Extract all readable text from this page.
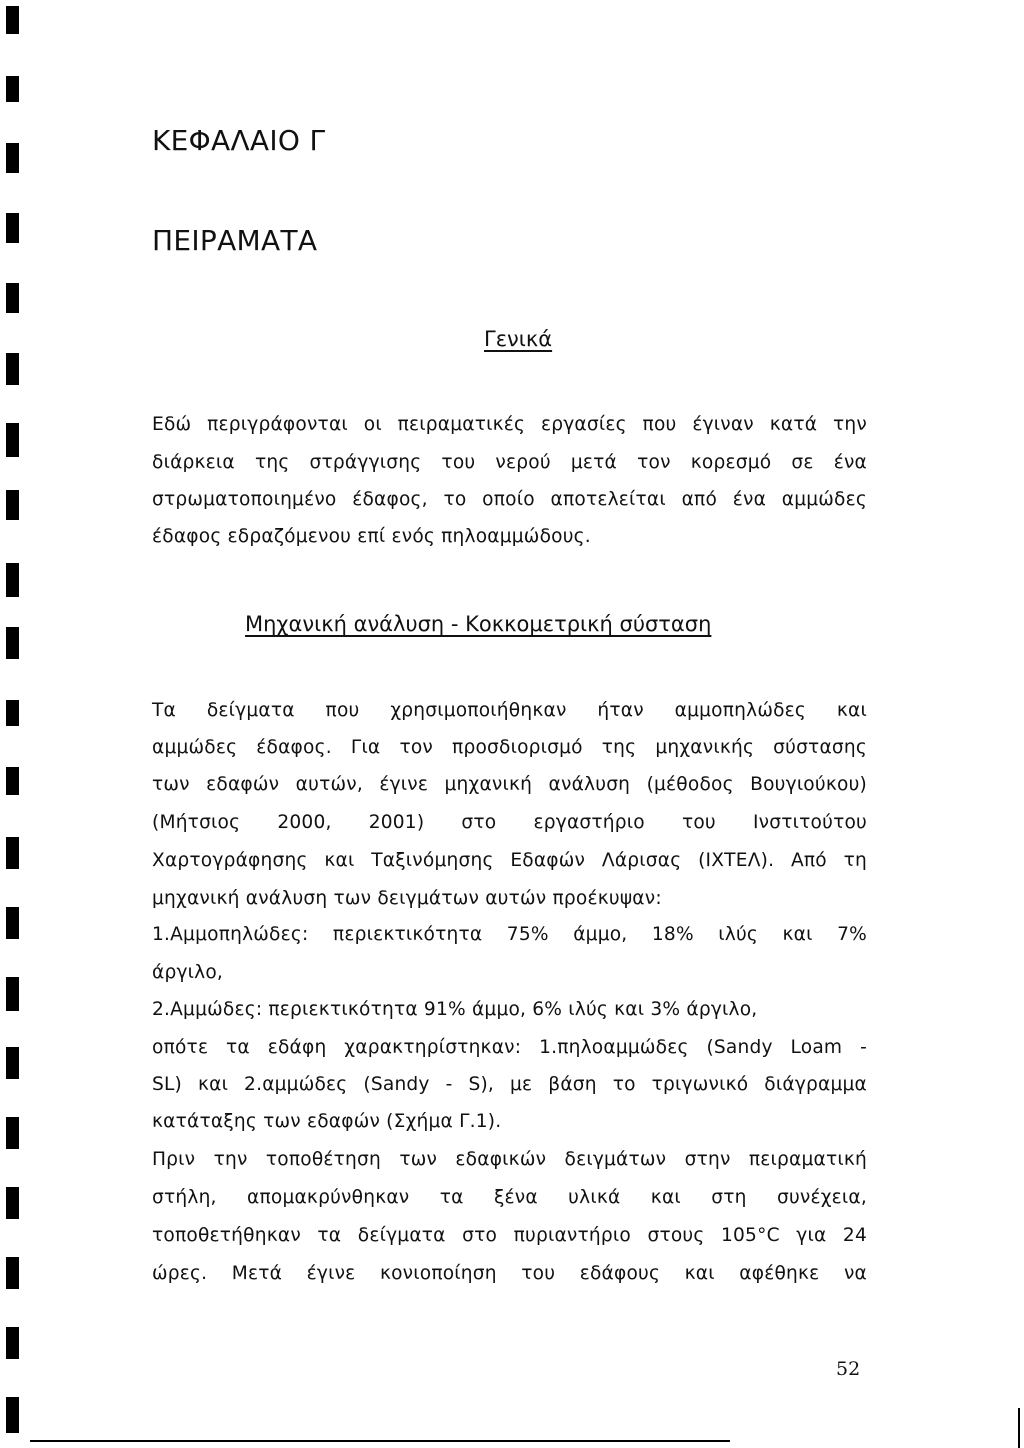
ΚΕΦΑΛΑΙΟ Γ
ΠΕΙΡΑΜΑΤΑ
Γενικά
Εδώ περιγράφονται οι πειραματικές εργασίες που έγιναν κατά την
διάρκεια της στράγγισης του νερού μετά τον κορεσμό σε ένα
στρωματοποιημένο έδαφος, το οποίο αποτελείται από ένα αμμώδες
έδαφος εδραζόμενου επί ενός πηλοαμμώδους.
Μηχανική ανάλυση - Κοκκομετρική σύσταση
Τα δείγματα που χρησιμοποιήθηκαν ήταν αμμοπηλώδες και
αμμώδες έδαφος. Για τον προσδιορισμό της μηχανικής σύστασης
των εδαφών αυτών, έγινε μηχανική ανάλυση (μέθοδος Βουγιούκου)
(Μήτσιος 2000, 2001) στο εργαστήριο του Ινστιτούτου
Χαρτογράφησης και Ταξινόμησης Εδαφών Λάρισας (ΙΧΤΕΛ). Από τη
μηχανική ανάλυση των δειγμάτων αυτών προέκυψαν:
1.Αμμοπηλώδες: περιεκτικότητα 75% άμμο, 18% ιλύς και 7%
άργιλο,
2.Αμμώδες: περιεκτικότητα 91% άμμο, 6% ιλύς και 3% άργιλο,
οπότε τα εδάφη χαρακτηρίστηκαν: 1.πηλοαμμώδες (Sandy Loam -
SL) και 2.αμμώδες (Sandy - S), με βάση το τριγωνικό διάγραμμα
κατάταξης των εδαφών (Σχήμα Γ.1).
Πριν την τοποθέτηση των εδαφικών δειγμάτων στην πειραματική
στήλη, απομακρύνθηκαν τα ξένα υλικά και στη συνέχεια,
τοποθετήθηκαν τα δείγματα στο πυριαντήριο στους 105°C για 24
ώρες. Μετά έγινε κονιοποίηση του εδάφους και αφέθηκε να
52
